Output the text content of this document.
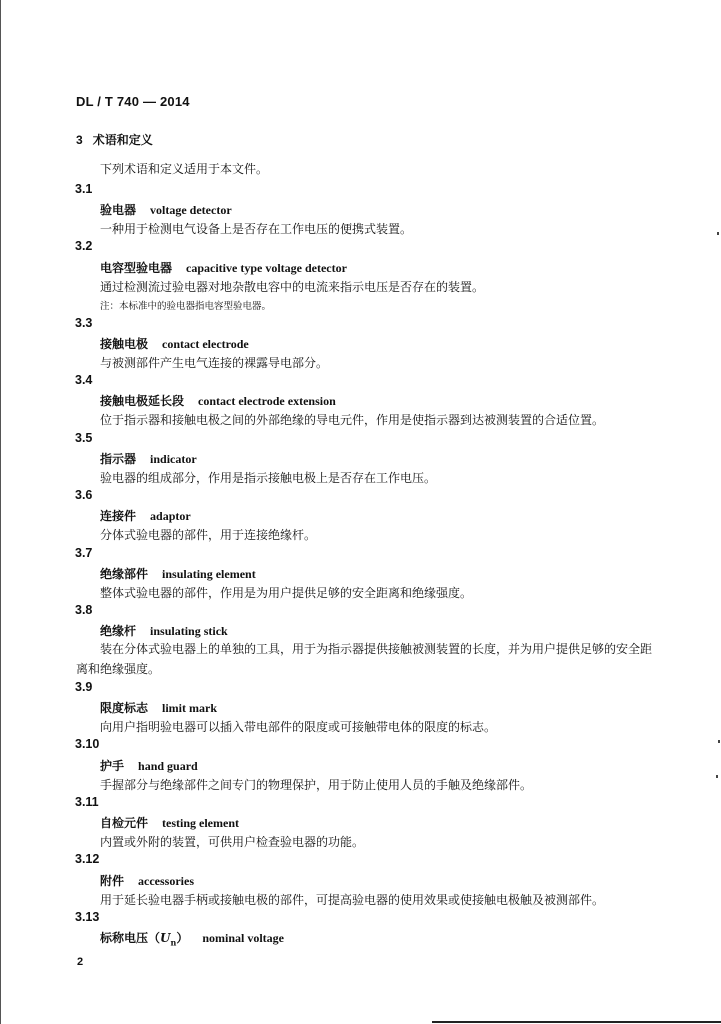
DL / T 740 — 2014
3 术语和定义
下列术语和定义适用于本文件。
3.1
验电器 voltage detector
一种用于检测电气设备上是否存在工作电压的便携式装置。
3.2
电容型验电器 capacitive type voltage detector
通过检测流过验电器对地杂散电容中的电流来指示电压是否存在的装置。
注：本标准中的验电器指电容型验电器。
3.3
接触电极 contact electrode
与被测部件产生电气连接的裸露导电部分。
3.4
接触电极延长段 contact electrode extension
位于指示器和接触电极之间的外部绝缘的导电元件，作用是使指示器到达被测装置的合适位置。
3.5
指示器 indicator
验电器的组成部分，作用是指示接触电极上是否存在工作电压。
3.6
连接件 adaptor
分体式验电器的部件，用于连接绝缘杆。
3.7
绝缘部件 insulating element
整体式验电器的部件，作用是为用户提供足够的安全距离和绝缘强度。
3.8
绝缘杆 insulating stick
装在分体式验电器上的单独的工具，用于为指示器提供接触被测装置的长度，并为用户提供足够的安全距离和绝缘强度。
3.9
限度标志 limit mark
向用户指明验电器可以插入带电部件的限度或可接触带电体的限度的标志。
3.10
护手 hand guard
手握部分与绝缘部件之间专门的物理保护，用于防止使用人员的手触及绝缘部件。
3.11
自检元件 testing element
内置或外附的装置，可供用户检查验电器的功能。
3.12
附件 accessories
用于延长验电器手柄或接触电极的部件，可提高验电器的使用效果或使接触电极触及被测部件。
3.13
标称电压$(U_n)$ nominal voltage
2
